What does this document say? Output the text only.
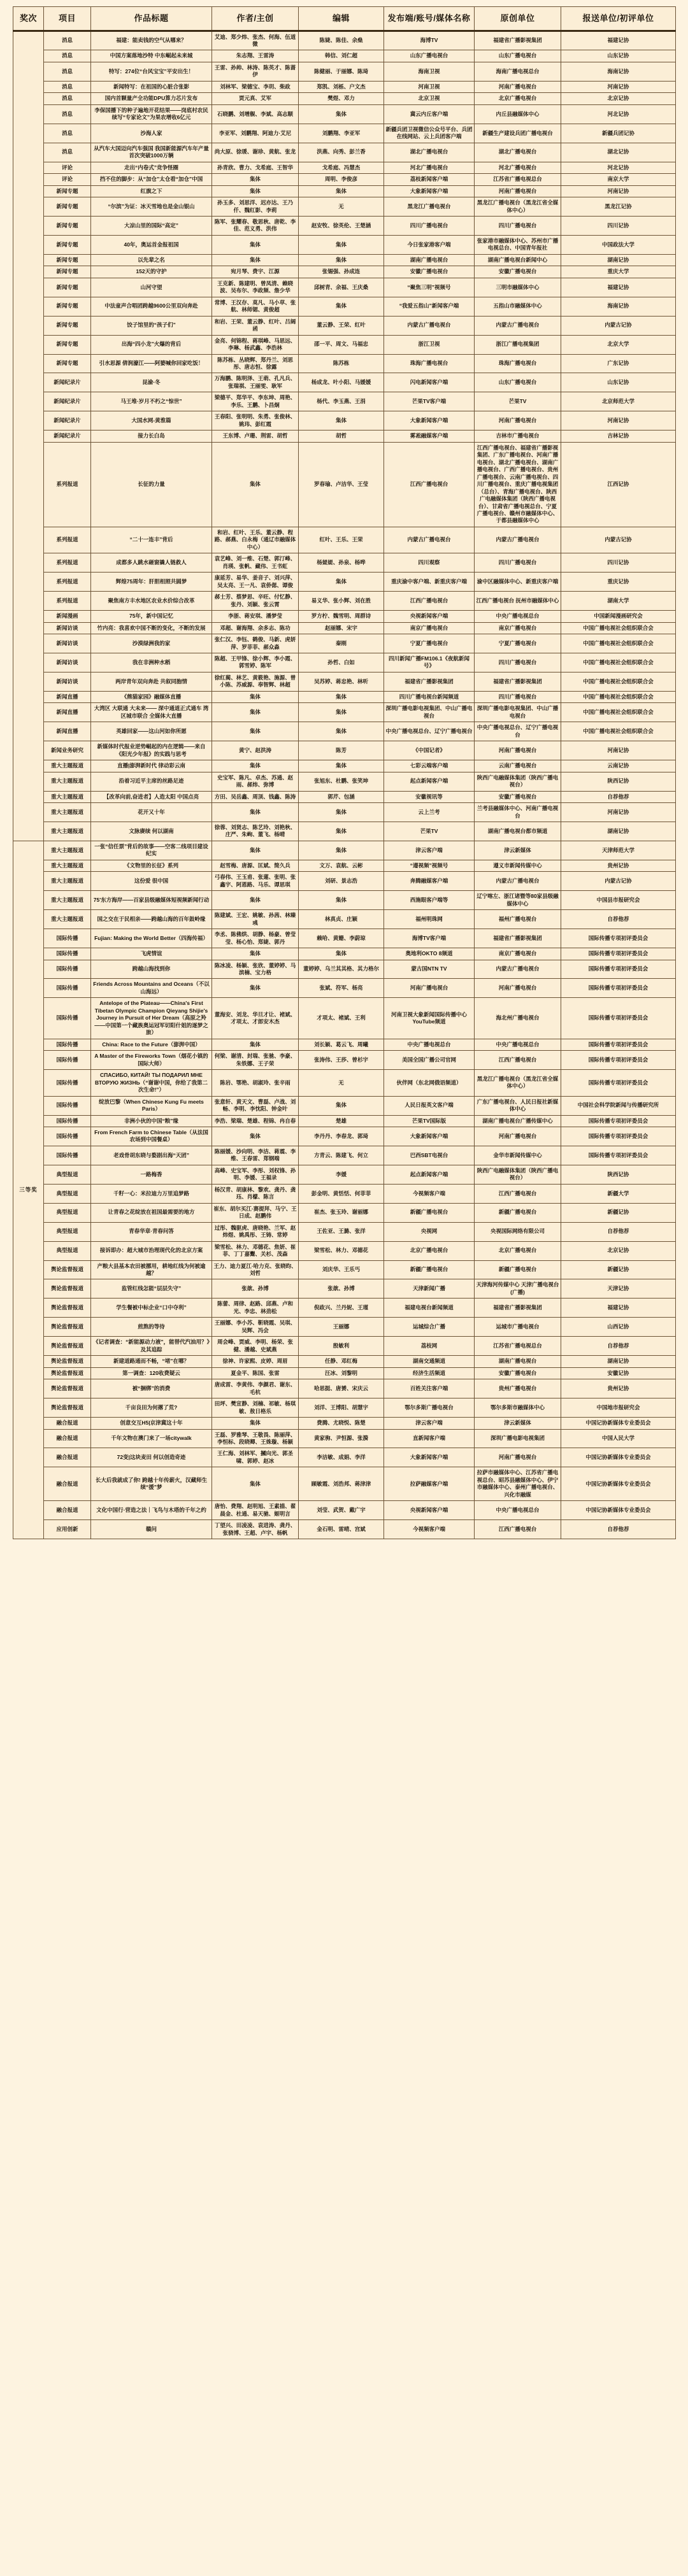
奖次	项目	作品标题	作者/主创	编辑	发布端/账号/媒体名称	原创单位	报送单位/初评单位
	消息	福建：能卖钱的空气从哪来？	艾迪、郑少炜、张杰、何海、伍道微	陈婕、陈佳、余燊	海博TV	福建省广播影视集团	福建记协
	消息	中国方案落地沙特 中东崛起未来城	朱志翔、王雷涛	韩信、刘仁超	山东广播电视台	山东广播电视台	山东记协
	消息	特写：274位“台风宝宝”平安出生！	王雷、孙帅、林涛、陈英才、陈蔷伊	陈健丽、于丽娜、陈琦	海南卫视	海南广播电视总台	海南记协
	消息	新闻特写：在祖国的心脏合张影	刘林军、梁德宝、李玥、柴政	郑凯、刘栎、户文杰	河南卫视	河南广播电视台	河南记协
	消息	国内首颗量产全功能DPU算力芯片发布	贾元真、艾军	樊煜、邓力	北京卫视	北京广播电视台	北京记协
	消息	李保国播下的种子遍地开花结果——岗底村农民续写“专家论文”为果农增收6亿元	石晓鹏、刘增舰、李斌、高志顺	集体	冀云内丘客户端	内丘县融媒体中心	河北记协
	消息	沙海人家	李亚军、刘鹏翔、阿迪力·艾尼	刘鹏翔、李亚军	新疆兵团卫视微信公众号平台、兵团在线网站、云上兵团客户端	新疆生产建设兵团广播电视台	新疆兵团记协
	消息	从汽车大国迈向汽车强国 我国新能源汽车年产量首次突破1000万辆	尚大原、徐瑗、谢珍、黄航、张龙	洪燕、向秀、彭兰香	湖北广播电视台	湖北广播电视台	湖北记协
	评论	走出“内卷式”竞争怪圈	孙青欣、曹力、戈希庭、王智华	戈希庭、冯慧杰	河北广播电视台	河北广播电视台	河北记协
	评论	挡不住的脚步：从“加仓”太仓看“加仓”中国	集体	周明、李俊彦	荔枝新闻客户端	江苏省广播电视总台	南京大学
	新闻专题	红旗之下	集体	集体	大象新闻客户端	河南广播电视台	河南记协
	新闻专题	“尔滨”为证：冰天雪地也是金山银山	孙玉多、刘思洋、迟亦达、王乃仟、魏红影、李莉	无	黑龙江广播电视台	黑龙江广播电视台（黑龙江省全媒体中心）	黑龙江记协
	新闻专题	大凉山里的国际“高定”	陈军、张耀春、敬思秋、唐乾、李佳、范义勇、洪伟	赵安牧、徐英伦、王楚涵	四川广播电视台	四川广播电视台	四川记协
	新闻专题	40年，奥运首金报祖国	集体	集体	今日张家港客户端	张家港市融媒体中心、苏州市广播电视总台、中国青年报社	中国政法大学
	新闻专题	以先辈之名	集体	集体	湖南广播电视台	湖南广播电视台新闻中心	湖南记协
	新闻专题	152天的守护	宛月琴、费宇、江源	张锡强、孙成连	安徽广播电视台	安徽广播电视台	重庆大学
	新闻专题	山河守望	王克新、陈建明、曾凤清、赖晓波、吴布尔、李政频、詹少华	邱树青、余福、王庆桑	“聚焦三明”视频号	三明市融媒体中心	福建记协
	新闻专题	中法童声合唱团跨越9600公里双向奔赴	常博、王汉存、莫凡、马小草、张航、林师锶、黄俊超	集体	“我爱五指山”新闻客户端	五指山市融媒体中心	海南记协
	新闻专题	饺子馆里的“孩子们”	和岩、王荣、董云静、红叶、吕阔函	董云静、王荣、红叶	内蒙古广播电视台	内蒙古广播电视台	内蒙古记协
	新闻专题	出海“四小龙”火爆的背后	金亮、何锦程、蒋琪峰、马思远、李琳、杨武鑫、李浩林	邵一平、周文、马福忠	浙江卫视	浙江广播电视集团	北京大学
	新闻专题	引水思源 倩润濠江——阿婆喊你回家吃饭！	陈苏栋、丛晓辉、郑丹兰、刘思彤、唐志恒、徐露	陈苏栋	珠海广播电视台	珠海广播电视台	广东记协
	新闻纪录片	昆渝·冬	万海鹏、陈明泽、王萌、孔凡兵、张瑞祺、王丽雯、耿军	杨成龙、叶小阳、马媛媛	闪电新闻客户端	山东广播电视台	山东记协
	新闻纪录片	马王堆·岁月不朽之“惊世”	梁德平、郑华平、李东坤、周艳、李乐、王鹏、卜昌炯	杨代、李玉燕、王涓	芒果TV客户端	芒果TV	北京师范大学
	新闻纪录片	大国水网-黄淮篇	王春阳、张明明、朱勇、张俊林、姚玮、彭红霞	集体	大象新闻客户端	河南广播电视台	河南记协
	新闻纪录片	接力长白岛	王东博、卢珊、荆雷、胡哲	胡哲	雾凇融媒客户端	吉林市广播电视台	吉林记协
	系列报道	长征的力量	集体	罗春瑜、卢洁华、王莹	江西广播电视台	江西广播电视台、福建省广播影视集团、广东广播电视台、河南广播电视台、湖北广播电视台、湖南广播电视台、广西广播电视台、贵州广播电视台、云南广播电视台、四川广播电视台、重庆广播电视集团（总台）、青海广播电视台、陕西广电融媒体集团（陕西广播电视台）、甘肃省广播电视总台、宁夏广播电视台、赣州市融媒体中心、于都县融媒体中心	江西记协
	系列报道	“二十一连丰”背后	和岩、红叶、王乐、董云静、程路、郝燕、白永梅（通辽市融媒体中心）	红叶、王乐、王荣	内蒙古广播电视台	内蒙古广播电视台	内蒙古记协
	系列报道	成都多人跳水砸窗撬人链救人	袁艺峰、刘一维、石楚、郭汀峰、肖瑛、张帆、藏伟、王书虹	杨媞媞、孙泉、杨哗	四川观察	四川广播电视台	四川记协
	系列报道	辉煌75周年：肝胆相照共圆梦	康延芳、易华、姜音子、刘兴萍、吴太亮、王一凡、袁侨偲、谭俊	集体	重庆渝中客户端、新重庆客户端	渝中区融媒体中心、新重庆客户端	重庆记协
	系列报道	聚焦南方丰水地区农业水价综合改革	郝士芳、蔡梦思、辛旺、付忆静、张丹、刘颖、张云霄	易义华、张小辉、刘在胜	江西广播电视台	江西广播电视台 抚州市融媒体中心	湖南大学
	新闻漫画	75年，新中国记忆	李浙、蒋安琪、潘梦莹	罗方柠、魏雪明、周群诗	央视新闻客户端	中央广播电视总台	中国新闻漫画研究会
	新闻访谈	竹内亮：我喜欢中国不断的变化，不断的发展	邓超、谢海翔、余多志、陈功	赵丽娜、宋宇	南京广播电视台	南京广播电视台	中国广播电视社会组织联合会
	新闻访谈	沙漠绿洲我的家	张仁汉、李钰、鹤俊、马新、虎妍萍、罗菲菲、郝众淼	秦刚	宁夏广播电视台	宁夏广播电视台	中国广播电视社会组织联合会
	新闻访谈	我在非洲种水稻	陈超、王甲锋、徐小辉、李小霞、郭雪婷、陈军	孙哲、白如	四川新闻广播FM106.1《夜航新闻号》	四川广播电视台	中国广播电视社会组织联合会
	新闻访谈	两岸青年双向奔赴 共叙同胞情	徐红蔺、林艺、黄筱艳、施源、曾小陈、苏威源、奉智辉、林超	吴苏婷、蒋忠艳、林听	福建省广播影视集团	福建省广播影视集团	中国广播电视社会组织联合会
	新闻直播	《熊猫家园》融媒体直播	集体	集体	四川广播电视台新闻频道	四川广播电视台	中国广播电视社会组织联合会
	新闻直播	大湾区 大联通 大未来—— 深中通道正式通车 湾区城市联合 全媒体大直播	集体	集体	深圳广播电影电视集团、中山广播电视台	深圳广播电影电视集团、中山广播电视台	中国广播电视社会组织联合会
	新闻直播	英雄回家——这山河如你所愿	集体	集体	中央广播电视总台、辽宁广播电视台	中央广播电视总台、辽宁广播电视台	中国广播电视社会组织联合会
	新闻业务研究	新媒体时代报业逆势崛起的内在逻辑——来自《阳光少年报》的实践与思考	黄宁、赵洪涛	陈芳	《中国记者》	河南广播电视台	河南记协
	重大主题报道	直播|澎湃新时代 律动彩云南	集体	集体	七彩云端客户端	云南广播电视台	云南记协
	重大主题报道	沿着习近平主席的丝路足迹	史宝军、陈凡、卓杰、苏通、赵雨、郝炜、弥博	张旭东、杜鹏、张笑坤	起点新闻客户端	陕西广电融媒体集团（陕西广播电视台）	陕西记协
	重大主题报道	【改革向前,奋进者】人造太阳 中国点亮	方田、吴岳鑫、周顶、钱鑫、陈涛	郭芹、包涵	安徽视讯等	安徽广播电视台	自荐他荐
	重大主题报道	花开又十年	集体	集体	云上兰考	兰考县融媒体中心、河南广播电视台	河南记协
	重大主题报道	文脉赓续 何以湖南	徐蓉、刘贤志、陈艺玲、刘艳秋、庄严、朱峋、董飞、杨晴	集体	芒果TV	湖南广播电视台都市频道	湖南记协
三等奖	重大主题报道	一张“信任票”背后的故事——空客二线项目建设纪实	集体	集体	津云客户端	津云新媒体	天津师范大学
	重大主题报道	《文物里的长征》系列	赵雪梅、唐源、匡斌、简久兵	文万、袁航、云彬	“遵视频”视频号	遵义市新闻传媒中心	贵州记协
	重大主题报道	这份爱 很中国	弓春伟、王玉甫、张蓮、张明、张鑫宇、阿恩路、马乐、谭思琪	刘研、景志浩	奔腾融媒客户端	内蒙古广播电视台	内蒙古记协
	重大主题报道	75'东方海岸——百家县级融媒体短视频新闻行动	集体	集体	西施眼客户端等	辽宁喀左、浙江诸暨等80家县级融媒体中心	中国县市报研究会
	重大主题报道	国之交在于民相亲——跨越山海的百年鼓岭缘	陈建斌、王宏、姚敏、孙茜、林臻彧	林真贞、庄颖	福州明珠网	福州广播电视台	自荐他荐
	国际传播	Fujian: Making the World Better（四海传福）	李丞、陈佛烘、胡静、杨豪、曾莹莹、杨心怡、郑婕、郭丹	赖哈、黄姗、李蔚琼	海博TV客户端	福建省广播影视集团	国际传播专项初评委员会
	国际传播	飞虎情谊	集体	集体	奥地利OKTO 8频道	南京广播电视台	国际传播专项初评委员会
	国际传播	跨越山海找到你	陈冰凌、杨颖、张欣、董婷婷、马滨楠、宝力格	董婷婷、乌兰其其格、其力格尔	蒙古国NTN TV	内蒙古广播电视台	国际传播专项初评委员会
	国际传播	Friends Across Mountains and Oceans（不以山海远）	集体	张斌、符军、杨亮	河南广播电视台	河南广播电视台	国际传播专项初评委员会
	国际传播	Antelope of the Plateau——China's First Tibetan Olympic Champion Qieyang Shijie's Journey in Pursuit of Her Dream（高原之羚——中国第一个藏族奥运冠军切阳什姐的逐梦之旅）	董海安、刘龙、华旦才让、褚斌、才项太、才郎安木杰	才项太、褚斌、王利	河南卫视大象新闻国际传播中心 YouTube频道	海北州广播电视台	国际传播专项初评委员会
	国际传播	China: Race to the Future（澎湃中国）	集体	刘长颖、葛云飞、周曦	中央广播电视总台	中央广播电视总台	国际传播专项初评委员会
	国际传播	A Master of the Fireworks Town（烟花小镇的国际大师）	何梁、谢清、封瑞、张驰、李豪、朱铁娜、王子荣	张涛伟、王莎、曾杉宇	美国全国广播公司官网	江西广播电视台	国际传播专项初评委员会
	国际传播	СПАСИБО, КИТАЙ! ТЫ ПОДАРИЛ МНЕ ВТОРУЮ ЖИЗНЬ（“谢谢中国，你给了我第二次生命!”）	陈岩、鄂艳、胡淑玲、张辛雨	无	伙伴网（东北网俄语频道）	黑龙江广播电视台（黑龙江省全媒体中心）	国际传播专项初评委员会
	国际传播	绽放巴黎（When Chinese Kung Fu meets Paris）	张意轩、黄天文、曹磊、卢战、刘畅、李明、李忱阳、钟金叶	集体	人民日报英文客户端	广东广播电视台、人民日报社新媒体中心	中国社会科学院新闻与传播研究所
	国际传播	非洲小伙的中国“粮”缘	李浩、梁瑞、楚雄、程锦、冉自春	楚雄	芒果TV国际版	湖南广播电视台广播传媒中心	国际传播专项初评委员会
	国际传播	From French Farm to Chinese Table（从法国农场到中国餐桌）	集体	李丹丹、李春龙、郭琦	大象新闻客户端	河南广播电视台	国际传播专项初评委员会
	国际传播	老戏骨胡东晓与婺剧出海“天团”	陈丽媛、沙向明、李洁、蒋震、李维、王春雷、郑钢端	方青云、陈建飞、何立	巴西SBT电视台	金华市新闻传媒中心	国际传播专项初评委员会
	典型报道	一路梅香	高峰、史宝军、李彤、刘权锋、孙明、李媛、王福录	李媛	起点新闻客户端	陕西广电融媒体集团（陕西广播电视台）	陕西记协
	典型报道	千籽一心：米拉迪力万里追梦路	杨汉青、胡康林、黎欢、龚丹、龚珏、肖檬、陈言	彭金明、黄恬恬、何菲菲	今视频客户端	江西广播电视台	新疆大学
	典型报道	让青春之花绽放在祖国最需要的地方	崔东、胡尔买江·赛提拜、马宁、王日成、赵鹏伟	崔杰、张玉玲、谢丽娜	新疆广播电视台	新疆广播电视台	新疆记协
	典型报道	青春华章·青春问答	过彤、魏驱虎、唐晓艳、兰军、赵炜煜、姚禹彤、王铸、常婷	王佐亚、王潞、张洋	央视网	央视国际网络有限公司	自荐他荐
	典型报道	接诉即办：超大城市治理现代化的北京方案	梁雪松、林力、邓德花、焦妍、崔菲、丁丁嘉鬻、关杉、茂森	梁雪松、林力、邓德花	北京广播电视台	北京广播电视台	北京记协
	舆论监督报道	产粮大县基本农田被挪用，耕地红线为何被逾越？	王力、迪力夏江·哈力克、张晓昀、刘哲	刘庆华、王乐丐	新疆广播电视台	新疆广播电视台	新疆记协
	舆论监督报道	监管红线怎能“层层失守”	张歆、孙博	张歆、孙博	天津新闻广播	天津海河传媒中心 天津广播电视台(广播)	天津记协
	舆论监督报道	学生餐被中标企业“口中夺利”	陈蕾、周律、赵路、邱燕、卢和光、李忠、林劲松	倪政兴、兰丹妮、王瑾	福建电视台新闻频道	福建省广播影视集团	福建记协
	舆论监督报道	煎熬的等待	王丽娜、李小苏、靳晓霞、吴琪、吴辉、冯会	王丽娜	运城综合广播	运城市广播电视台	山西记协
	舆论监督报道	《记者调查：“新能源动力液”，能替代汽油用？》及其追踪	周会峰、贾威、李明、杨荣、张健、潘越、史斌燕	殷敏利	荔枝网	江苏省广播电视总台	自荐他荐
	舆论监督报道	新建道路通而不畅，“堵”在哪？	徐神、许家熙、皮婷、周眉	任静、邓红梅	湖南交通频道	湖南广播电视台	湖南记协
	舆论监督报道	第一调查：120收费疑云	夏金平、陈国、张雷	汪冰、刘黎明	经济生活频道	安徽广播电视台	安徽记协
	舆论监督报道	被“捆绑”的消费	唐成雷、李黄伟、李颜君、谢东、毛杭	哈思挺、唐赟、宋庆云	百姓关注客户端	贵州广播电视台	贵州记协
	舆论监督报道	千亩良田为何撂了荒?	田坪、樊宣静、刘楠、祁敏、杨琪敏、敖日格乐	刘洋、王博阳、胡慧宇	鄂尔多斯广播电视台	鄂尔多斯市融媒体中心	中国地市报研究会
	融合报道	创意交互H5|京津冀这十年	集体	费腾、尤晓悦、陈楚	津云客户端	津云新媒体	中国记协新媒体专业委员会
	融合报道	千年文物在澳门来了一场citywalk	王磊、罗雅琴、王敬畏、陈丽萍、李恒标、段晓卿、王姝璇、杨颖	黄家驹、尹恒源、张漪	直新闻客户端	深圳广播电影电视集团	中国人民大学
	融合报道	72变|这块麦田 何以创造奇迹	王仁海、刘林军、摑向光、郭圣啸、郭婷、赵冰	李洁敏、成娟、李洋	大象新闻客户端	河南广播电视台	中国记协新媒体专业委员会
	融合报道	长大后我就成了你! 跨越十年传薪火，汉藏师生续“援”梦	集体	顾敏霞、刘浩邦、蒋津津	拉萨融媒客户端	拉萨市融媒体中心、江苏省广播电视总台、昭苏县融媒体中心、伊宁市融媒体中心、泰州广播电视台、兴化市融媒	中国记协新媒体专业委员会
	融合报道	文化中国行·营造之法｜飞鸟与木塔的千年之约	唐怡、费翔、赵明旭、王素描、翟晨金、杜通、易天驰、姬明言	刘莹、武贺、戴广宇	央视新闻客户端	中央广播电视总台	中国记协新媒体专业委员会
	应用创新	赣问	丁望兴、田凌凌、袁进涛、龚丹、张骁博、王超、卢宇、杨帆	金石明、雷晴、宫斌	今视频客户端	江西广播电视台	自荐他荐
